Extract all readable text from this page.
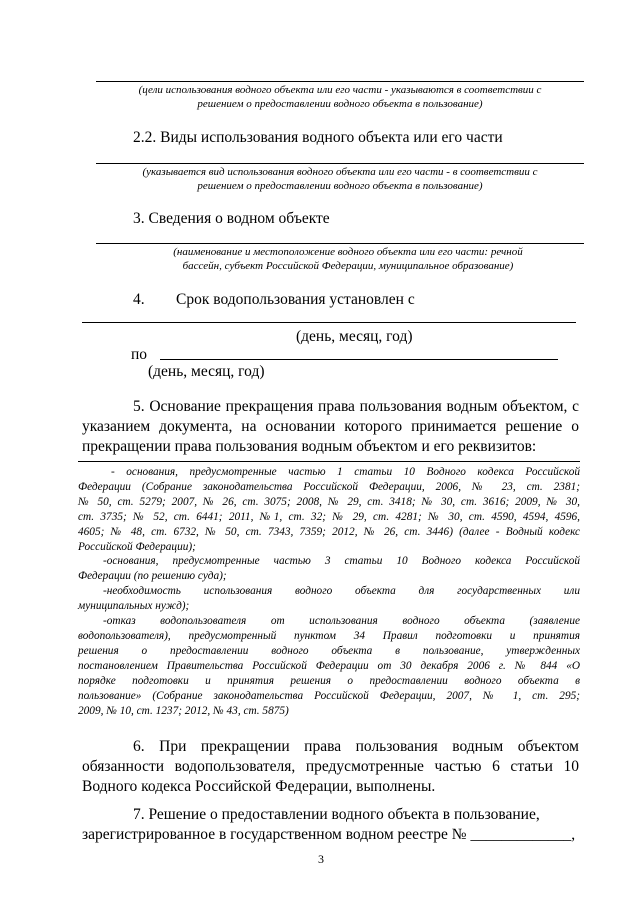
(цели использования водного объекта или его части - указываются в соответствии с
решением о предоставлении водного объекта в пользование)

2.2. Виды использования водного объекта или его части

(указывается вид использования водного объекта или его части - в соответствии с
решением о предоставлении водного объекта в пользование)

3. Сведения о водном объекте

(наименование и местоположение водного объекта или его части: речной
бассейн, субъект Российской Федерации, муниципальное образование)

4. Срок водопользования установлен с

(день, месяц, год)

по

(день, месяц, год)

5. Основание прекращения права пользования водным объектом, с
указанием документа, на основании которого принимается решение о
прекращении права пользования водным объектом и его реквизитов:

- основания, предусмотренные частью 1 статьи 10 Водного кодекса Российской

Федерации (Собрание законодательства Российской Федерации, 2006, № 23, ст. 2381;

№ 50, ст. 5279; 2007, № 26, ст. 3075; 2008, № 29, ст. 3418; № 30, ст. 3616; 2009, № 30,

ст. 3735; № 52, ст. 6441; 2011, №1, ст. 32; № 29, ст. 4281; № 30, ст. 4590, 4594, 4596,

4605; № 48, ст. 6732, № 50, ст. 7343, 7359; 2012, № 26, ст. 3446) (далее - Водный кодекс

Российской Федерации);

-основания, предусмотренные частью 3 статьи 10 Водного кодекса Российской

Федерации (по решению суда);

-необходимость использования водного объекта для государственных или

муниципальных нужд);

-отказ водопользователя от использования водного объекта (заявление

водопользователя), предусмотренный пунктом 34 Правил подготовки и принятия

решения о предоставлении водного объекта в пользование, утвержденных

постановлением Правительства Российской Федерации от 30 декабря 2006 г. № 844 «О

порядке подготовки и принятия решения о предоставлении водного объекта в

пользование» (Собрание законодательства Российской Федерации, 2007, № 1, ст. 295;

2009, № 10, ст. 1237; 2012, № 43, ст. 5875)

6. При прекращении права пользования водным объектом
обязанности водопользователя, предусмотренные частью 6 статьи 10
Водного кодекса Российской Федерации, выполнены.
7. Решение о предоставлении водного объекта в пользование,
зарегистрированное в государственном водном реестре № _____________,

3
